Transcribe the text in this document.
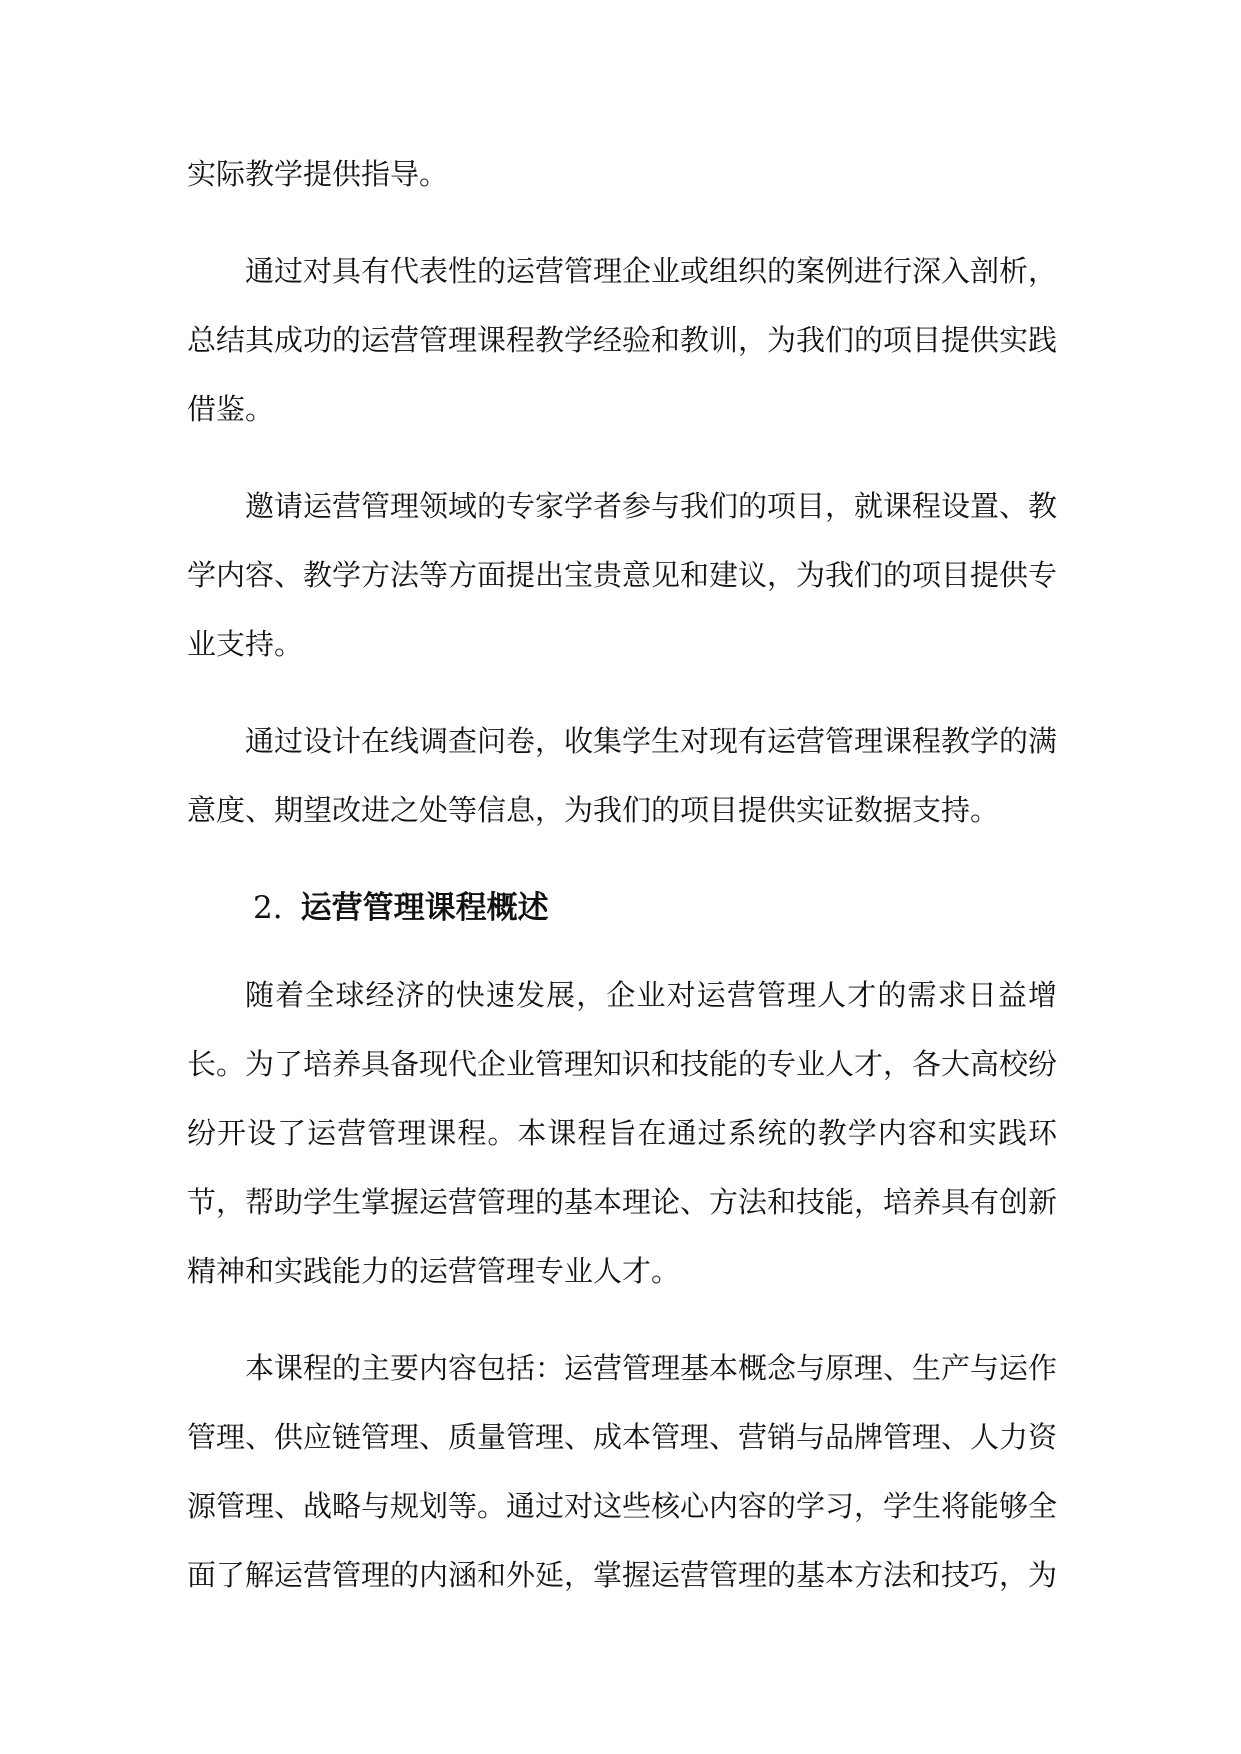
实际教学提供指导。

通过对具有代表性的运营管理企业或组织的案例进行深入剖析，总结其成功的运营管理课程教学经验和教训，为我们的项目提供实践借鉴。

邀请运营管理领域的专家学者参与我们的项目，就课程设置、教学内容、教学方法等方面提出宝贵意见和建议，为我们的项目提供专业支持。

通过设计在线调查问卷，收集学生对现有运营管理课程教学的满意度、期望改进之处等信息，为我们的项目提供实证数据支持。

2. 运营管理课程概述

随着全球经济的快速发展，企业对运营管理人才的需求日益增长。为了培养具备现代企业管理知识和技能的专业人才，各大高校纷纷开设了运营管理课程。本课程旨在通过系统的教学内容和实践环节，帮助学生掌握运营管理的基本理论、方法和技能，培养具有创新精神和实践能力的运营管理专业人才。

本课程的主要内容包括：运营管理基本概念与原理、生产与运作管理、供应链管理、质量管理、成本管理、营销与品牌管理、人力资源管理、战略与规划等。通过对这些核心内容的学习，学生将能够全面了解运营管理的内涵和外延，掌握运营管理的基本方法和技巧，为
